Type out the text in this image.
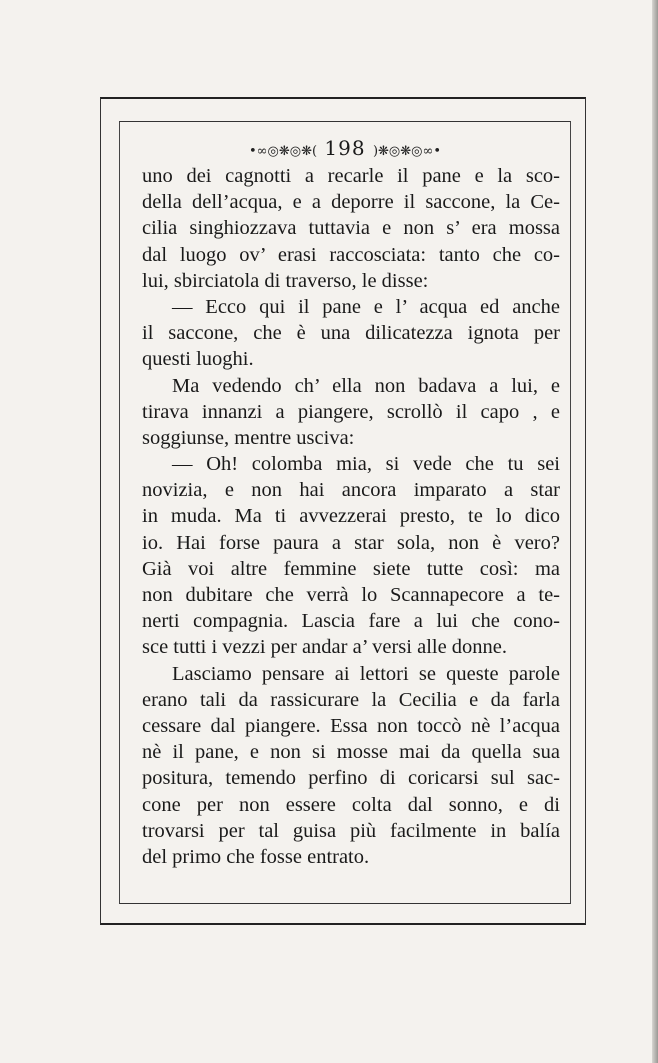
•∞◎❋◎❋( 198 )❋◎❋◎∞•
uno dei cagnotti a recarle il pane e la sco-
della dell’acqua, e a deporre il saccone, la Ce-
cilia singhiozzava tuttavia e non s’ era mossa
dal luogo ov’ erasi raccosciata: tanto che co-
lui, sbirciatola di traverso, le disse:
— Ecco qui il pane e l’ acqua ed anche
il saccone, che è una dilicatezza ignota per
questi luoghi.
Ma vedendo ch’ ella non badava a lui, e
tirava innanzi a piangere, scrollò il capo , e
soggiunse, mentre usciva:
— Oh! colomba mia, si vede che tu sei
novizia, e non hai ancora imparato a star
in muda. Ma ti avvezzerai presto, te lo dico
io. Hai forse paura a star sola, non è vero?
Già voi altre femmine siete tutte così: ma
non dubitare che verrà lo Scannapecore a te-
nerti compagnia. Lascia fare a lui che cono-
sce tutti i vezzi per andar a’ versi alle donne.
Lasciamo pensare ai lettori se queste parole
erano tali da rassicurare la Cecilia e da farla
cessare dal piangere. Essa non toccò nè l’acqua
nè il pane, e non si mosse mai da quella sua
positura, temendo perfino di coricarsi sul sac-
cone per non essere colta dal sonno, e di
trovarsi per tal guisa più facilmente in balía
del primo che fosse entrato.
